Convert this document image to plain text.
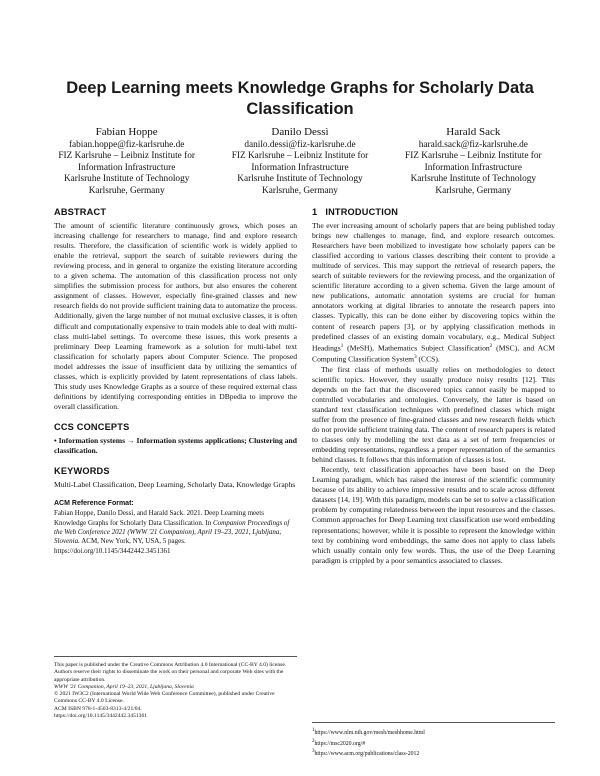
Deep Learning meets Knowledge Graphs for Scholarly Data Classification
Fabian Hoppe
fabian.hoppe@fiz-karlsruhe.de
FIZ Karlsruhe – Leibniz Institute for
Information Infrastructure
Karlsruhe Institute of Technology
Karlsruhe, Germany
Danilo Dessì
danilo.dessi@fiz-karlsruhe.de
FIZ Karlsruhe – Leibniz Institute for
Information Infrastructure
Karlsruhe Institute of Technology
Karlsruhe, Germany
Harald Sack
harald.sack@fiz-karlsruhe.de
FIZ Karlsruhe – Leibniz Institute for
Information Infrastructure
Karlsruhe Institute of Technology
Karlsruhe, Germany
ABSTRACT

The amount of scientific literature continuously grows, which poses an increasing challenge for researchers to manage, find and explore research results. Therefore, the classification of scientific work is widely applied to enable the retrieval, support the search of suitable reviewers during the reviewing process, and in general to organize the existing literature according to a given schema. The automation of this classification process not only simplifies the submission process for authors, but also ensures the coherent assignment of classes. However, especially fine-grained classes and new research fields do not provide sufficient training data to automatize the process. Additionally, given the large number of not mutual exclusive classes, it is often difficult and computationally expensive to train models able to deal with multi-class multi-label settings. To overcome these issues, this work presents a preliminary Deep Learning framework as a solution for multi-label text classification for scholarly papers about Computer Science. The proposed model addresses the issue of insufficient data by utilizing the semantics of classes, which is explicitly provided by latent representations of class labels. This study uses Knowledge Graphs as a source of these required external class definitions by identifying corresponding entities in DBpedia to improve the overall classification.

CCS CONCEPTS

• Information systems → Information systems applications; Clustering and classification.

KEYWORDS

Multi-Label Classification, Deep Learning, Scholarly Data, Knowledge Graphs

ACM Reference Format:

Fabian Hoppe, Danilo Dessì, and Harald Sack. 2021. Deep Learning meets Knowledge Graphs for Scholarly Data Classification. In Companion Proceedings of the Web Conference 2021 (WWW '21 Companion), April 19–23, 2021, Ljubljana, Slovenia. ACM, New York, NY, USA, 5 pages. https://doi.org/10.1145/3442442.3451361

This paper is published under the Creative Commons Attribution 4.0 International (CC-BY 4.0) license. Authors reserve their rights to disseminate the work on their personal and corporate Web sites with the appropriate attribution.
WWW '21 Companion, April 19–23, 2021, Ljubljana, Slovenia
© 2021 IW3C2 (International World Wide Web Conference Committee), published under Creative Commons CC-BY 4.0 License.
ACM ISBN 978-1-4503-8313-4/21/04.
https://doi.org/10.1145/3442442.3451361
1 INTRODUCTION

The ever increasing amount of scholarly papers that are being published today brings new challenges to manage, find, and explore research outcomes. Researchers have been mobilized to investigate how scholarly papers can be classified according to various classes describing their content to provide a multitude of services. This may support the retrieval of research papers, the search of suitable reviewers for the reviewing process, and the organization of scientific literature according to a given schema. Given the large amount of new publications, automatic annotation systems are crucial for human annotators working at digital libraries to annotate the research papers into classes. Typically, this can be done either by discovering topics within the content of research papers [3], or by applying classification methods in predefined classes of an existing domain vocabulary, e.g., Medical Subject Headings$^1$ (MeSH), Mathematics Subject Classification$^2$ (MSC), and ACM Computing Classification System$^3$ (CCS).

The first class of methods usually relies on methodologies to detect scientific topics. However, they usually produce noisy results [12]. This depends on the fact that the discovered topics cannot easily be mapped to controlled vocabularies and ontologies. Conversely, the latter is based on standard text classification techniques with predefined classes which might suffer from the presence of fine-grained classes and new research fields which do not provide sufficient training data. The content of research papers is related to classes only by modelling the text data as a set of term frequencies or embedding representations, regardless a proper representation of the semantics behind classes. It follows that this information of classes is lost.

Recently, text classification approaches have been based on the Deep Learning paradigm, which has raised the interest of the scientific community because of its ability to achieve impressive results and to scale across different datasets [14, 19]. With this paradigm, models can be set to solve a classification problem by computing relatedness between the input resources and the classes. Common approaches for Deep Learning text classification use word embedding representations; however, while it is possible to represent the knowledge within text by combining word embeddings, the same does not apply to class labels which usually contain only few words. Thus, the use of the Deep Learning paradigm is crippled by a poor semantics associated to classes.

$^1$https://www.nlm.nih.gov/mesh/meshhome.html
$^2$https://msc2020.org/#
$^3$https://www.acm.org/publications/class-2012
